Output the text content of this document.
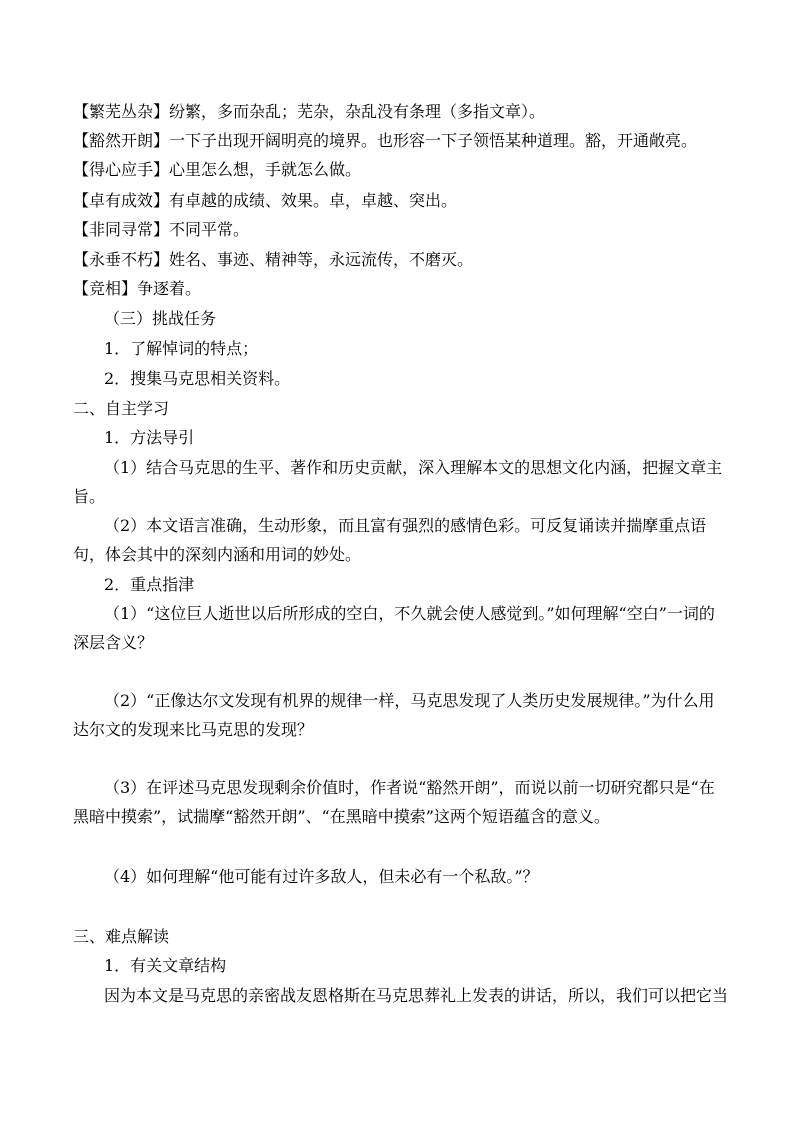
【繁芜丛杂】纷繁，多而杂乱；芜杂，杂乱没有条理（多指文章）。
【豁然开朗】一下子出现开阔明亮的境界。也形容一下子领悟某种道理。豁，开通敞亮。
【得心应手】心里怎么想，手就怎么做。
【卓有成效】有卓越的成绩、效果。卓，卓越、突出。
【非同寻常】不同平常。
【永垂不朽】姓名、事迹、精神等，永远流传，不磨灭。
【竞相】争逐着。
（三）挑战任务
1．了解悼词的特点；
2．搜集马克思相关资料。
二、自主学习
1．方法导引
（1）结合马克思的生平、著作和历史贡献，深入理解本文的思想文化内涵，把握文章主旨。
（2）本文语言准确，生动形象，而且富有强烈的感情色彩。可反复诵读并揣摩重点语句，体会其中的深刻内涵和用词的妙处。
2．重点指津
（1）“这位巨人逝世以后所形成的空白，不久就会使人感觉到。”如何理解“空白”一词的深层含义？
（2）“正像达尔文发现有机界的规律一样，马克思发现了人类历史发展规律。”为什么用达尔文的发现来比马克思的发现？
（3）在评述马克思发现剩余价值时，作者说“豁然开朗”，而说以前一切研究都只是“在黑暗中摸索”，试揣摩“豁然开朗”、“在黑暗中摸索”这两个短语蕴含的意义。
（4）如何理解“他可能有过许多敌人，但未必有一个私敌。”？
三、难点解读
1．有关文章结构
因为本文是马克思的亲密战友恩格斯在马克思葬礼上发表的讲话，所以，我们可以把它当
